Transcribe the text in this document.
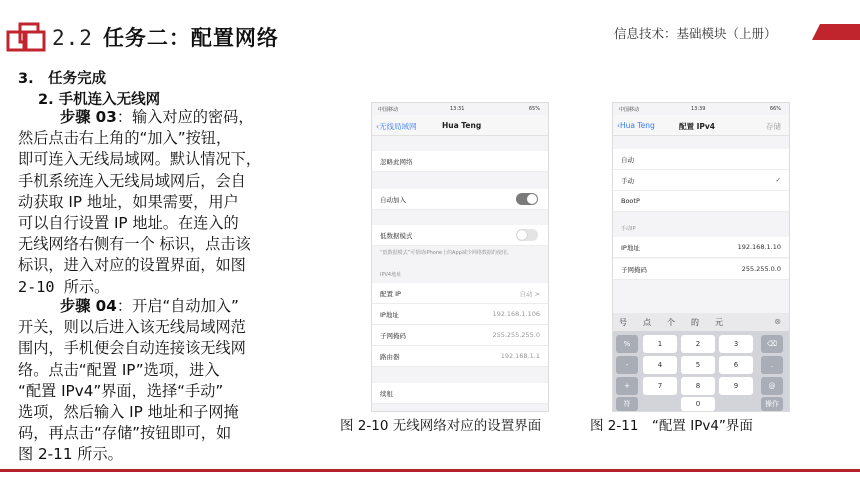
2.2 任务二：配置网络	信息技术：基础模块（上册）
3.　任务完成
2. 手机连入无线网
步骤 03：输入对应的密码，
然后点击右上角的“加入”按钮，
即可连入无线局域网。默认情况下，
手机系统连入无线局域网后，会自
动获取 IP 地址，如果需要，用户
可以自行设置 IP 地址。在连入的
无线网络右侧有一个 标识，点击该
标识，进入对应的设置界面，如图
2-10 所示。
步骤 04：开启“自动加入”
开关，则以后进入该无线局域网范
围内，手机便会自动连接该无线网
络。点击“配置 IP”选项，进入
“配置 IPv4”界面，选择“手动”
选项，然后输入 IP 地址和子网掩
码，再点击“存储”按钮即可，如
图 2-11 所示。
中国移动	13:31	65%
‹无线局域网	Hua Teng
忽略此网络
自动加入
低数据模式
“低数据模式”可帮助iPhone上的App减少网络数据的使用。
IPV4地址
配置 IP	自动 >
IP地址	192.168.1.106
子网掩码	255.255.255.0
路由器	192.168.1.1
续租
中国移动	13:39	66%
‹Hua Teng	配置 IPv4	存储
自动
手动	✓
BootP
手动IP
IP地址	192.168.1.10
子网掩码	255.255.0.0
号 点 个 的 元	⊗
%	1	2	3	⌫
-	4	5	6	.
+	7	8	9	@
符	0	操作
图 2-10 无线网络对应的设置界面	图 2-11　“配置 IPv4”界面
